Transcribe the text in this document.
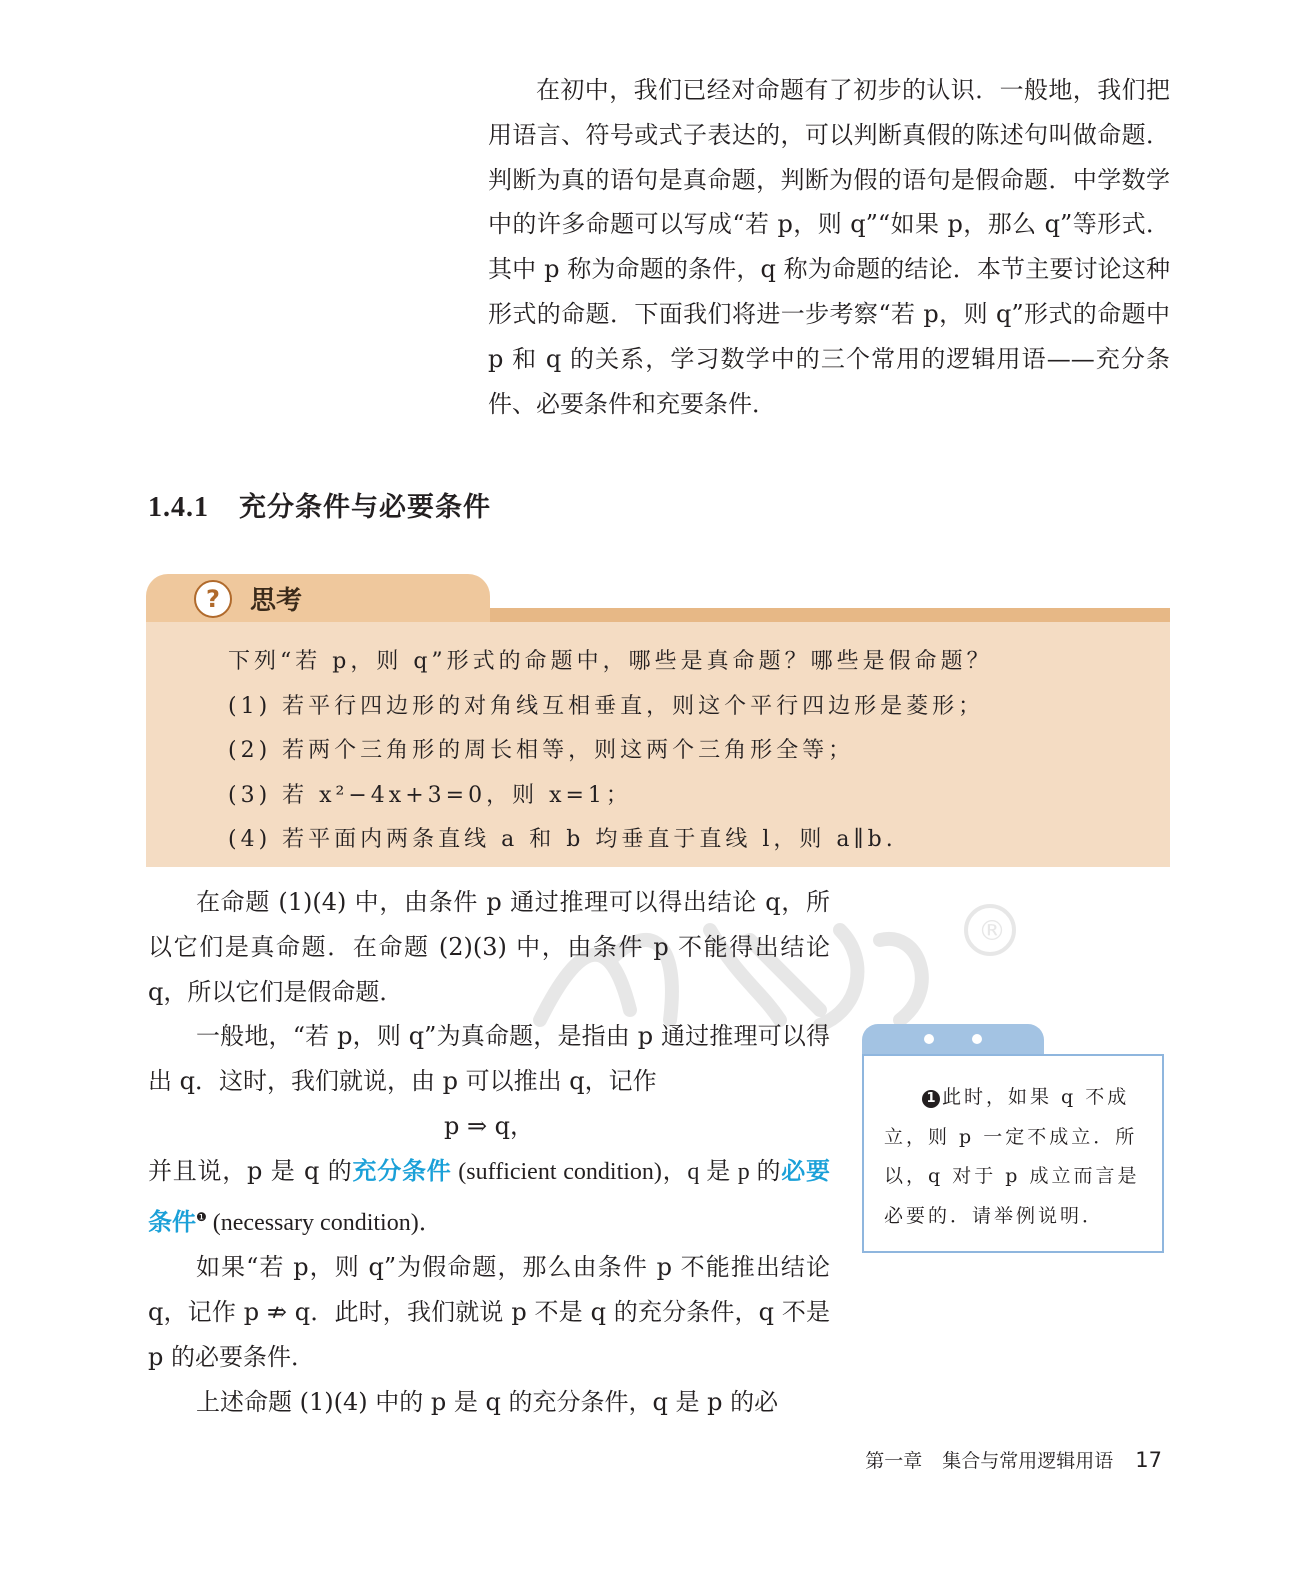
在初中，我们已经对命题有了初步的认识．一般地，我们把用语言、符号或式子表达的，可以判断真假的陈述句叫做命题．判断为真的语句是真命题，判断为假的语句是假命题．中学数学中的许多命题可以写成“若 p，则 q”“如果 p，那么 q”等形式．其中 p 称为命题的条件，q 称为命题的结论．本节主要讨论这种形式的命题．下面我们将进一步考察“若 p，则 q”形式的命题中 p 和 q 的关系，学习数学中的三个常用的逻辑用语——充分条件、必要条件和充要条件．

1.4.1 充分条件与必要条件
?	思考
下列“若 p，则 q”形式的命题中，哪些是真命题？哪些是假命题？
(1) 若平行四边形的对角线互相垂直，则这个平行四边形是菱形；
(2) 若两个三角形的周长相等，则这两个三角形全等；
(3) 若 x²−4x+3=0，则 x=1；
(4) 若平面内两条直线 a 和 b 均垂直于直线 l，则 a∥b.
®

在命题 (1)(4) 中，由条件 p 通过推理可以得出结论 q，所以它们是真命题．在命题 (2)(3) 中，由条件 p 不能得出结论 q，所以它们是假命题．

一般地，“若 p，则 q”为真命题，是指由 p 通过推理可以得出 q．这时，我们就说，由 p 可以推出 q，记作

p ⇒ q，

并且说，p 是 q 的充分条件 (sufficient condition)，q 是 p 的必要条件$^❶$ (necessary condition)．

如果“若 p，则 q”为假命题，那么由条件 p 不能推出结论 q，记作 p ⇏ q．此时，我们就说 p 不是 q 的充分条件，q 不是 p 的必要条件．

上述命题 (1)(4) 中的 p 是 q 的充分条件，q 是 p 的必

1 此时，如果 q 不成立，则 p 一定不成立．所以，q 对于 p 成立而言是必要的．请举例说明．
第一章 集合与常用逻辑用语 17
